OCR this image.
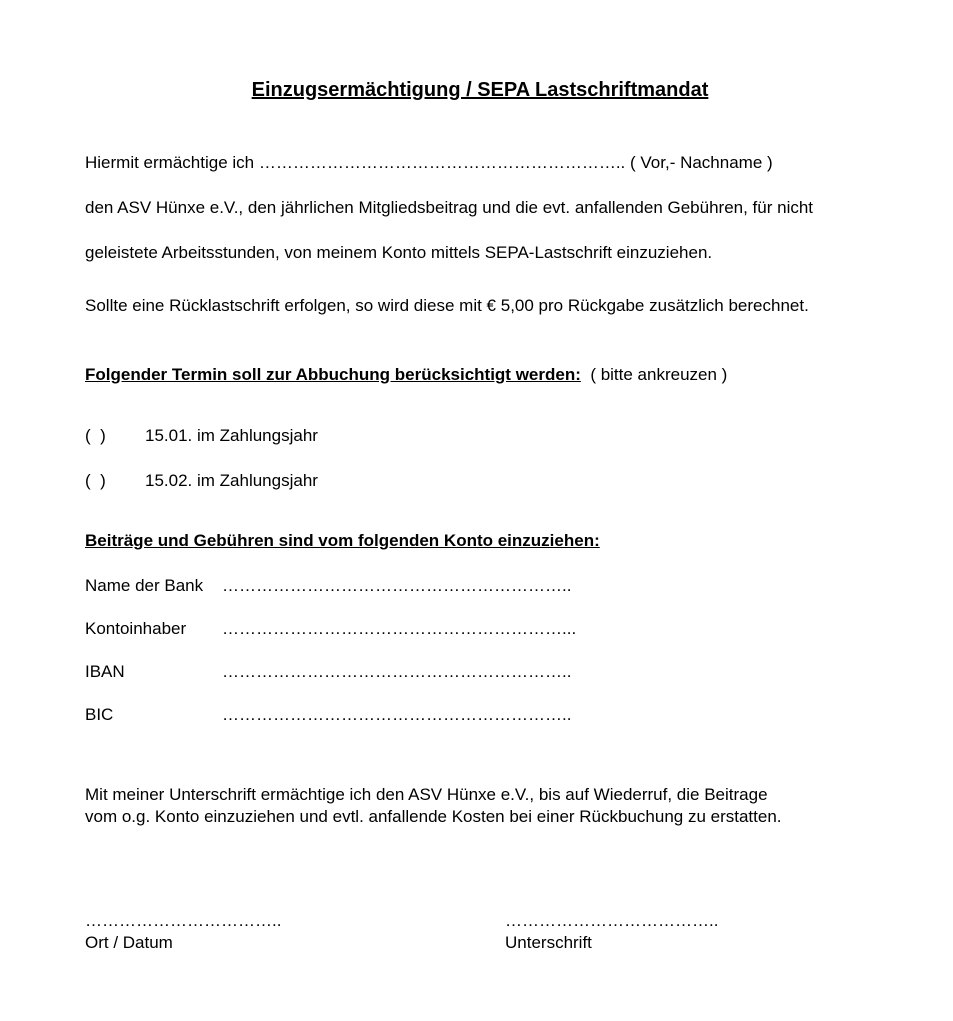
Einzugsermächtigung / SEPA Lastschriftmandat
Hiermit ermächtige ich ……………………………………………………….. ( Vor,- Nachname )
den ASV Hünxe e.V., den jährlichen Mitgliedsbeitrag und die evt. anfallenden Gebühren, für nicht
geleistete Arbeitsstunden, von meinem Konto mittels SEPA-Lastschrift einzuziehen.
Sollte eine Rücklastschrift erfolgen, so wird diese mit € 5,00 pro Rückgabe zusätzlich berechnet.
Folgender Termin soll zur Abbuchung berücksichtigt werden:  ( bitte ankreuzen )
(  ) 15.01. im Zahlungsjahr
(  ) 15.02. im Zahlungsjahr
Beiträge und Gebühren sind vom folgenden Konto einzuziehen:
Name der Bank ……………………………………………………..
Kontoinhaber ……………………………………………………...
IBAN	……………………………………………………..
BIC	……………………………………………………..
Mit meiner Unterschrift ermächtige ich den ASV Hünxe e.V., bis auf Wiederruf, die Beitrage
vom o.g. Konto einzuziehen und evtl. anfallende Kosten bei einer Rückbuchung zu erstatten.
……………………………..
Ort / Datum
………………………………..
Unterschrift
